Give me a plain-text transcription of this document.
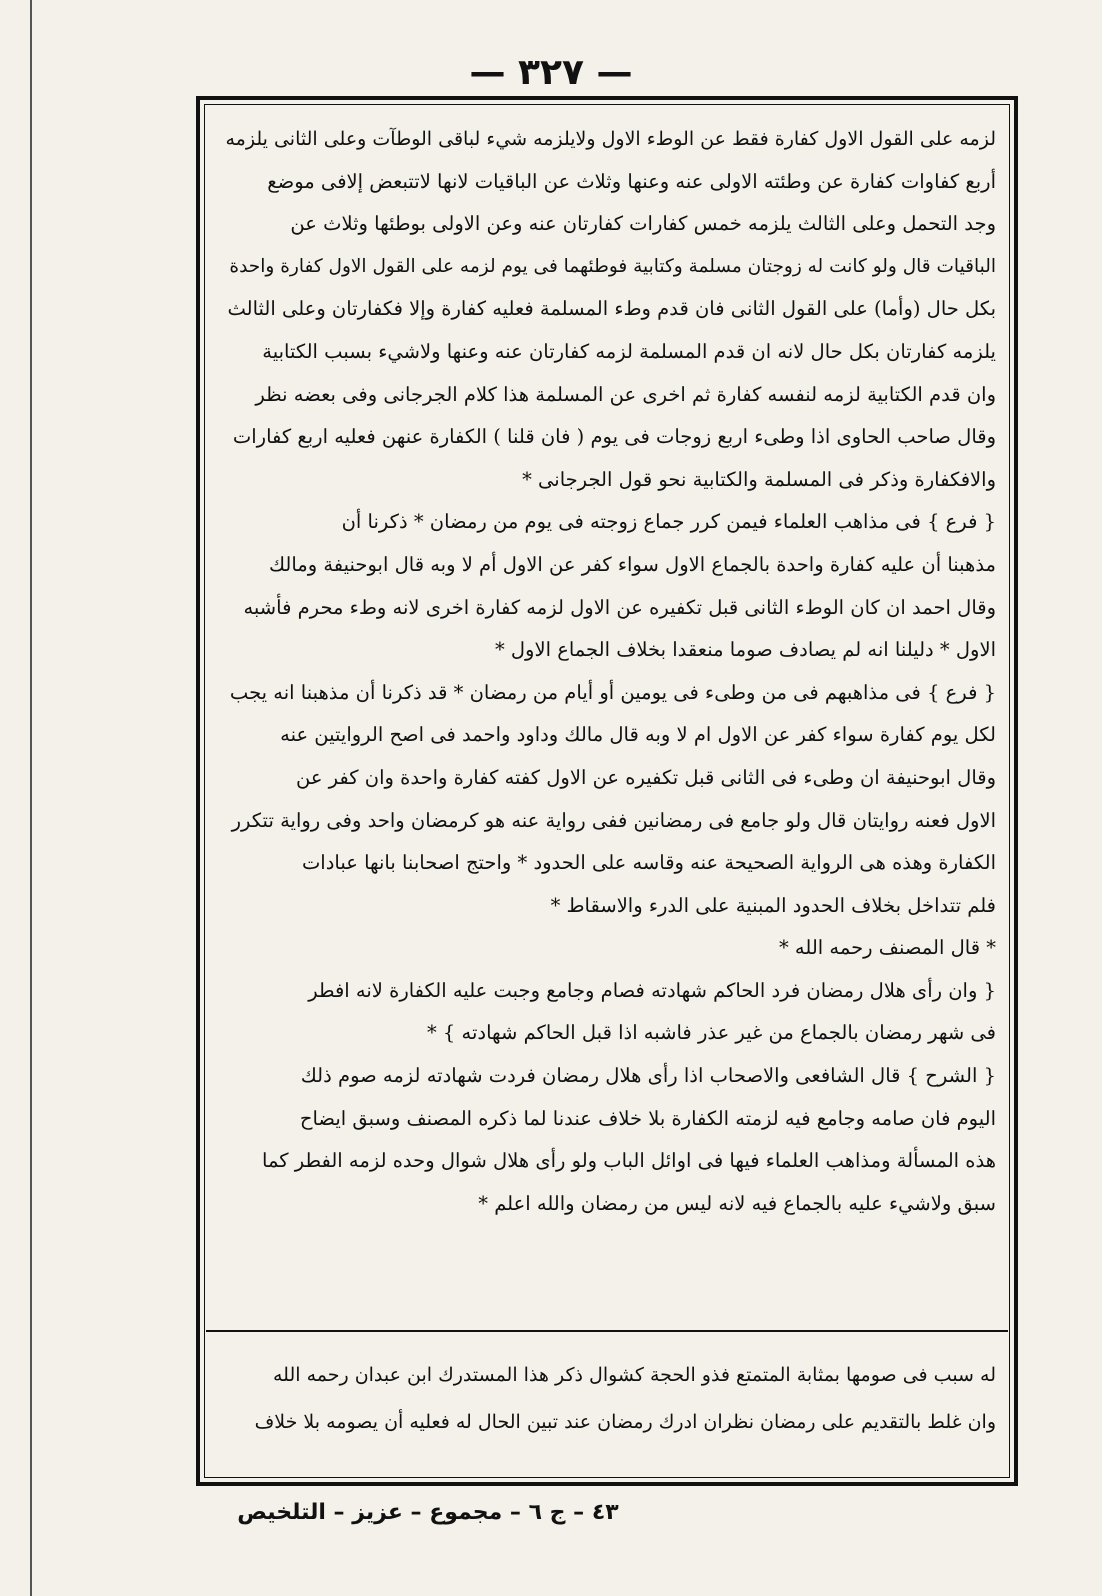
— ٣٢٧ —
لزمه على القول الاول كفارة فقط عن الوطء الاول ولايلزمه شيء لباقى الوطآت وعلى الثانى يلزمه
أربع كفاوات كفارة عن وطئته الاولى عنه وعنها وثلاث عن الباقيات لانها لاتتبعض إلافى موضع
وجد التحمل وعلى الثالث يلزمه خمس كفارات كفارتان عنه وعن الاولى بوطئها وثلاث عن
الباقيات قال ولو كانت له زوجتان مسلمة وكتابية فوطئهما فى يوم لزمه على القول الاول كفارة واحدة
بكل حال (وأما) على القول الثانى فان قدم وطء المسلمة فعليه كفارة وإلا فكفارتان وعلى الثالث
يلزمه كفارتان بكل حال لانه ان قدم المسلمة لزمه كفارتان عنه وعنها ولاشيء بسبب الكتابية
وان قدم الكتابية لزمه لنفسه كفارة ثم اخرى عن المسلمة هذا كلام الجرجانى وفى بعضه نظر
وقال صاحب الحاوى اذا وطىء اربع زوجات فى يوم ( فان قلنا ) الكفارة عنهن فعليه اربع كفارات
والافكفارة وذكر فى المسلمة والكتابية نحو قول الجرجانى *
{ فرع } فى مذاهب العلماء فيمن كرر جماع زوجته فى يوم من رمضان * ذكرنا أن
مذهبنا أن عليه كفارة واحدة بالجماع الاول سواء كفر عن الاول أم لا وبه قال ابوحنيفة ومالك
وقال احمد ان كان الوطء الثانى قبل تكفيره عن الاول لزمه كفارة اخرى لانه وطء محرم فأشبه
الاول * دليلنا انه لم يصادف صوما منعقدا بخلاف الجماع الاول *
{ فرع } فى مذاهبهم فى من وطىء فى يومين أو أيام من رمضان * قد ذكرنا أن مذهبنا انه يجب
لكل يوم كفارة سواء كفر عن الاول ام لا وبه قال مالك وداود واحمد فى اصح الروايتين عنه
وقال ابوحنيفة ان وطىء فى الثانى قبل تكفيره عن الاول كفته كفارة واحدة وان كفر عن
الاول فعنه روايتان قال ولو جامع فى رمضانين ففى رواية عنه هو كرمضان واحد وفى رواية تتكرر
الكفارة وهذه هى الرواية الصحيحة عنه وقاسه على الحدود * واحتج اصحابنا بانها عبادات
فلم تتداخل بخلاف الحدود المبنية على الدرء والاسقاط *
* قال المصنف رحمه الله *
{ وان رأى هلال رمضان فرد الحاكم شهادته فصام وجامع وجبت عليه الكفارة لانه افطر
فى شهر رمضان بالجماع من غير عذر فاشبه اذا قبل الحاكم شهادته } *
{ الشرح } قال الشافعى والاصحاب اذا رأى هلال رمضان فردت شهادته لزمه صوم ذلك
اليوم فان صامه وجامع فيه لزمته الكفارة بلا خلاف عندنا لما ذكره المصنف وسبق ايضاح
هذه المسألة ومذاهب العلماء فيها فى اوائل الباب ولو رأى هلال شوال وحده لزمه الفطر كما
سبق ولاشيء عليه بالجماع فيه لانه ليس من رمضان والله اعلم *
له سبب فى صومها بمثابة المتمتع فذو الحجة كشوال ذكر هذا المستدرك ابن عبدان رحمه الله
وان غلط بالتقديم على رمضان نظران ادرك رمضان عند تبين الحال له فعليه أن يصومه بلا خلاف
٤٣ – ج ٦ – مجموع – عزيز – التلخيص
